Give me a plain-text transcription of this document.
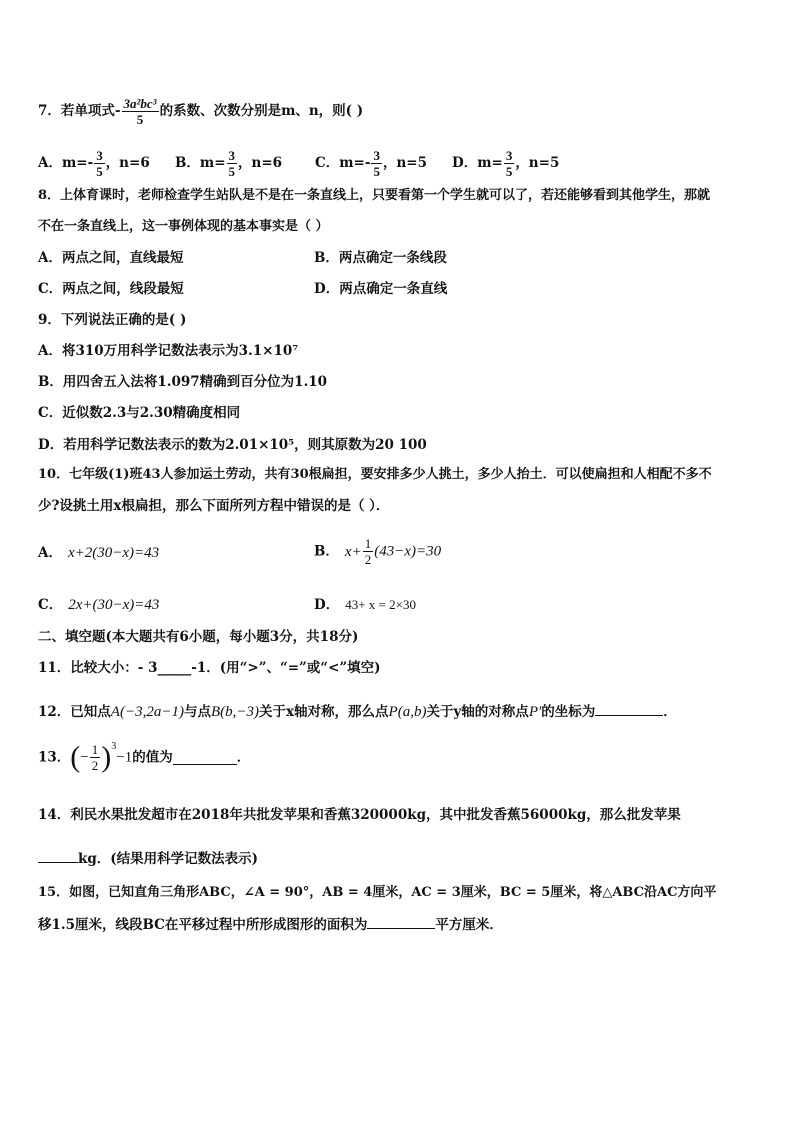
7．若单项式- $\frac{\text{3a²bc³}}{5}$ 的系数、次数分别是m、n，则( )
A．$m=- \frac{3}{5}$ ，n=6 B．$m= \frac{3}{5}$ ，n=6 C．$m=- \frac{3}{5}$ ，n=5 D．$m= \frac{3}{5}$ ，n=5
8．上体育课时，老师检查学生站队是不是在一条直线上，只要看第一个学生就可以了，若还能够看到其他学生，那就
不在一条直线上，这一事例体现的基本事实是（ ）
A．两点之间，直线最短	B．两点确定一条线段
C．两点之间，线段最短	D．两点确定一条直线
9．下列说法正确的是( )
A．将310万用科学记数法表示为3.1×10⁷
B．用四舍五入法将1.097精确到百分位为1.10
C．近似数2.3与2.30精确度相同
D．若用科学记数法表示的数为2.01×10⁵，则其原数为20 100
10．七年级(1)班43人参加运土劳动，共有30根扁担，要安排多少人挑土，多少人抬土．可以使扁担和人相配不多不
少?设挑土用x根扁担，那么下面所列方程中错误的是（ ）．
A． x+2(30−x)=43	B． $x+ \frac{1}{2} (43-x)=30$
C． 2x+(30−x)=43	D． 43+ x = 2×30
二、填空题(本大题共有6小题，每小题3分，共18分)
11．比较大小：- 3_____-1．(用“>”、“=”或“<”填空)
12．已知点A(−3,2a−1)与点B(b,−3)关于x轴对称，那么点P(a,b)关于y轴的对称点P′的坐标为	．
13．(− $\frac{1}{2} )^3-1$的值为	．
14．利民水果批发超市在2018年共批发苹果和香蕉320000kg，其中批发香蕉56000kg，那么批发苹果
kg．(结果用科学记数法表示)
15．如图，已知直角三角形ABC，∠A = 90°，AB = 4厘米，AC = 3厘米，BC = 5厘米，将△ABC沿AC方向平
移1.5厘米，线段BC在平移过程中所形成图形的面积为	平方厘米．
